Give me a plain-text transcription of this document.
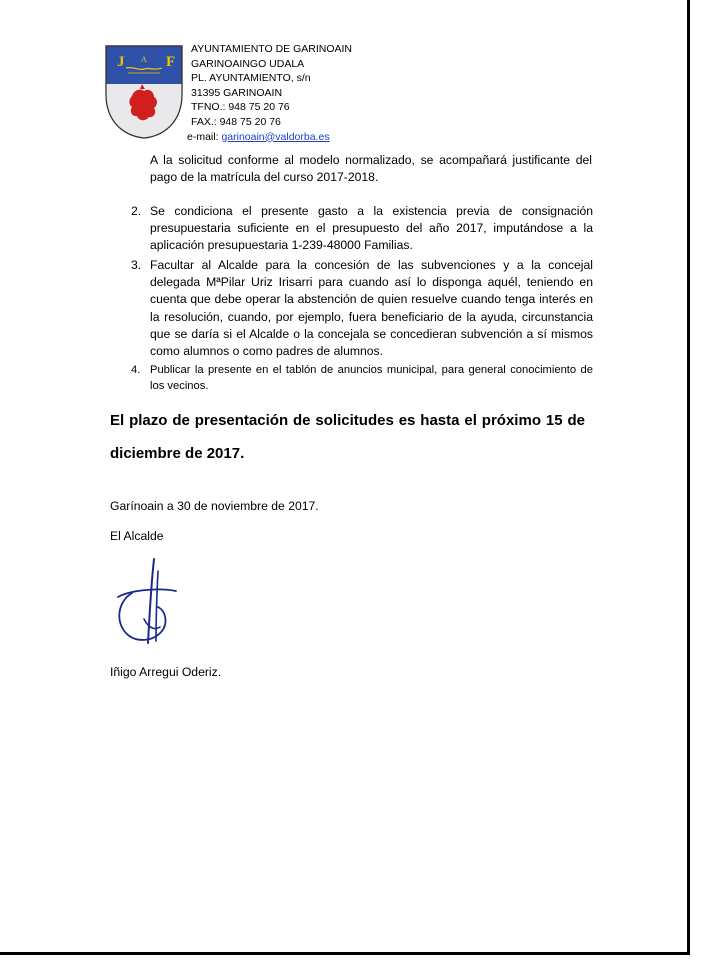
J A F
AYUNTAMIENTO DE GARINOAIN
GARINOAINGO UDALA
PL. AYUNTAMIENTO, s/n
31395 GARINOAIN
TFNO.: 948 75 20 76
FAX.: 948 75 20 76
e-mail: garinoain@valdorba.es
A la solicitud conforme al modelo normalizado, se acompañará justificante del pago de la matrícula del curso 2017-2018.
2. Se condiciona el presente gasto a la existencia previa de consignación presupuestaria suficiente en el presupuesto del año 2017, imputándose a la aplicación presupuestaria 1-239-48000 Familias.
3. Facultar al Alcalde para la concesión de las subvenciones y a la concejal delegada MªPilar Uriz Irisarri para cuando así lo disponga aquél, teniendo en cuenta que debe operar la abstención de quien resuelve cuando tenga interés en la resolución, cuando, por ejemplo, fuera beneficiario de la ayuda, circunstancia que se daría si el Alcalde o la concejala se concedieran subvención a sí mismos como alumnos o como padres de alumnos.
4. Publicar la presente en el tablón de anuncios municipal, para general conocimiento de los vecinos.
El plazo de presentación de solicitudes es hasta el próximo 15 de diciembre de 2017.
Garínoain a 30 de noviembre de 2017.
El Alcalde
Iñigo Arregui Oderiz.
